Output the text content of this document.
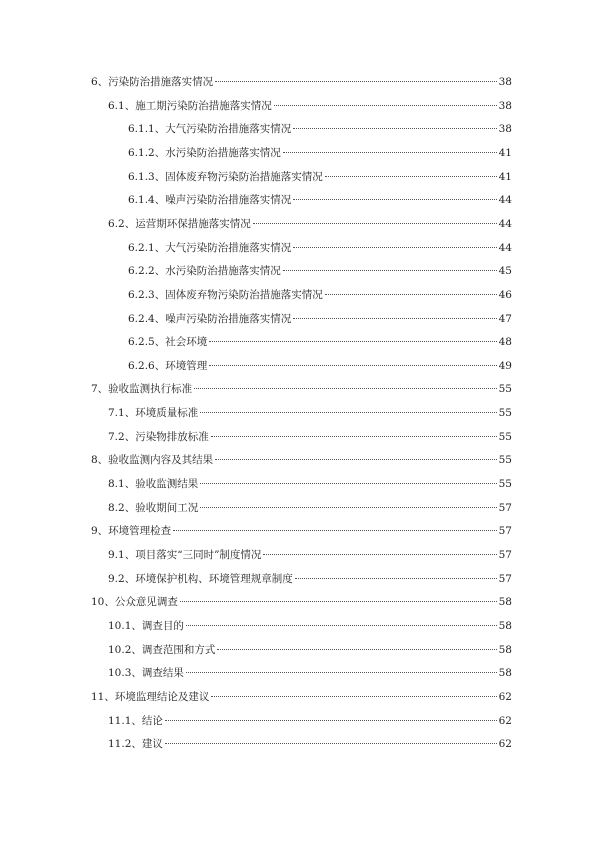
6、污染防治措施落实情况	38
6.1、施工期污染防治措施落实情况	38
6.1.1、大气污染防治措施落实情况	38
6.1.2、水污染防治措施落实情况	41
6.1.3、固体废弃物污染防治措施落实情况	41
6.1.4、噪声污染防治措施落实情况	44
6.2、运营期环保措施落实情况	44
6.2.1、大气污染防治措施落实情况	44
6.2.2、水污染防治措施落实情况	45
6.2.3、固体废弃物污染防治措施落实情况	46
6.2.4、噪声污染防治措施落实情况	47
6.2.5、社会环境	48
6.2.6、环境管理	49
7、验收监测执行标准	55
7.1、环境质量标准	55
7.2、污染物排放标准	55
8、验收监测内容及其结果	55
8.1、验收监测结果	55
8.2、验收期间工况	57
9、环境管理检查	57
9.1、项目落实“三同时”制度情况	57
9.2、环境保护机构、环境管理规章制度	57
10、公众意见调查	58
10.1、调查目的	58
10.2、调查范围和方式	58
10.3、调查结果	58
11、环境监理结论及建议	62
11.1、结论	62
11.2、建议	62
